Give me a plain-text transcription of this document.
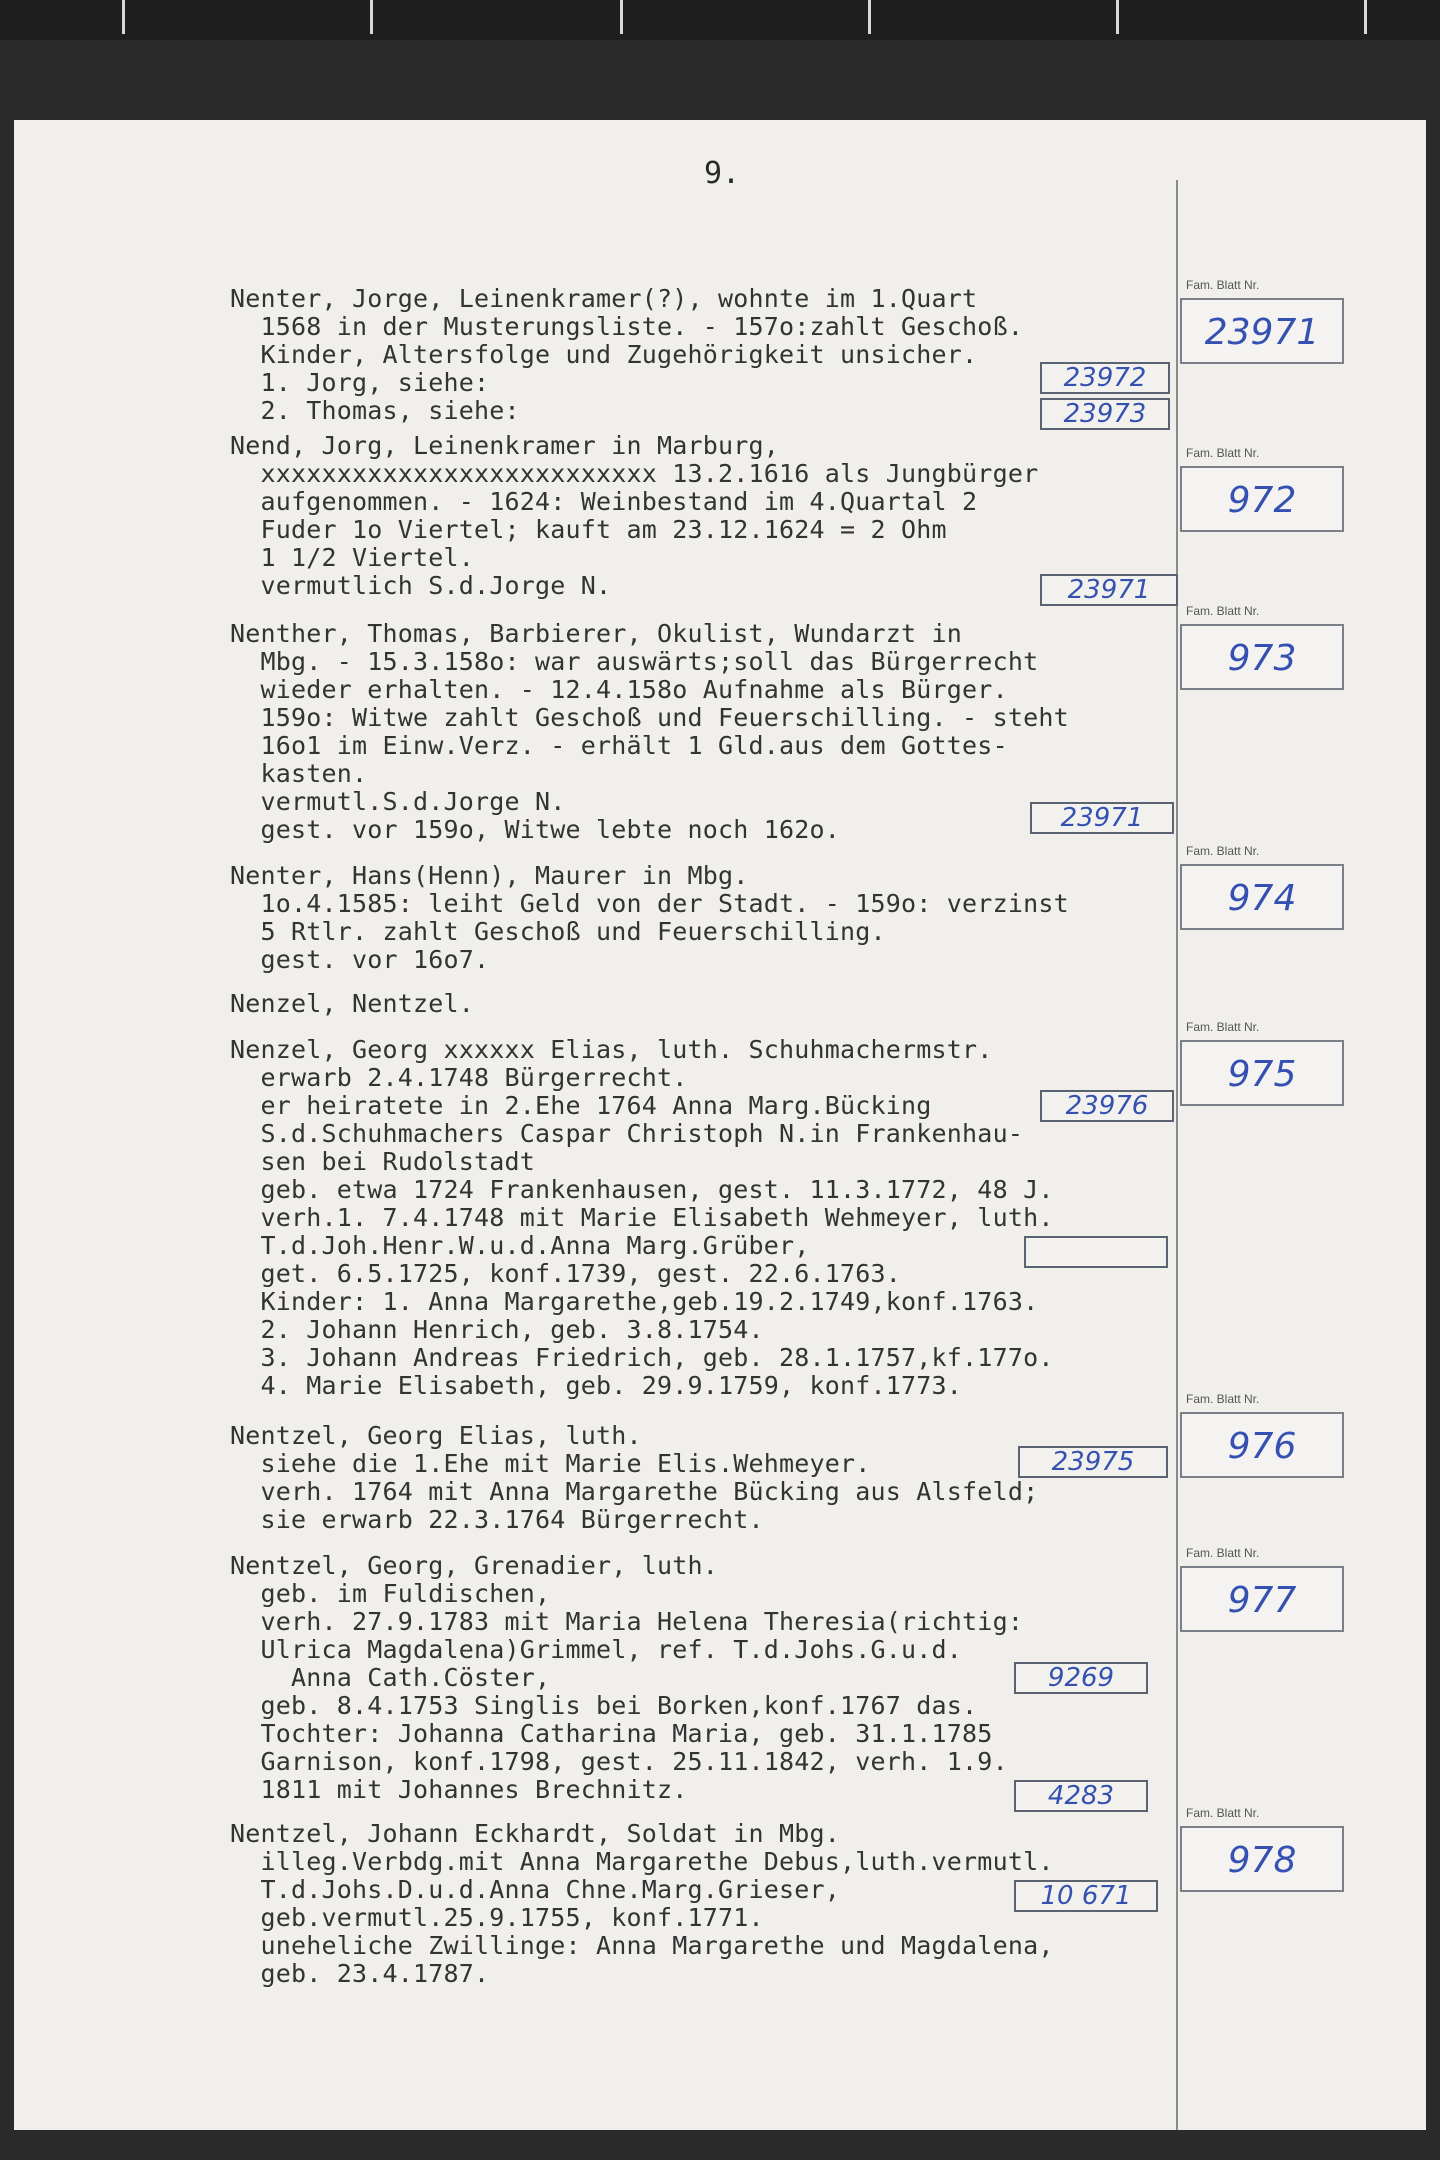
9.
Nenter, Jorge, Leinenkramer(?), wohnte im 1.Quart
1568 in der Musterungsliste. - 157o:zahlt Geschoß.
Kinder, Altersfolge und Zugehörigkeit unsicher.
1. Jorg, siehe:
2. Thomas, siehe:
Nend, Jorg, Leinenkramer in Marburg,
xxxxxxxxxxxxxxxxxxxxxxxxxx 13.2.1616 als Jungbürger
aufgenommen. - 1624: Weinbestand im 4.Quartal 2
Fuder 1o Viertel; kauft am 23.12.1624 = 2 Ohm
1 1/2 Viertel.
vermutlich S.d.Jorge N.
Nenther, Thomas, Barbierer, Okulist, Wundarzt in
Mbg. - 15.3.158o: war auswärts;soll das Bürgerrecht
wieder erhalten. - 12.4.158o Aufnahme als Bürger.
159o: Witwe zahlt Geschoß und Feuerschilling. - steht
16o1 im Einw.Verz. - erhält 1 Gld.aus dem Gottes-
kasten.
vermutl.S.d.Jorge N.
gest. vor 159o, Witwe lebte noch 162o.
Nenter, Hans(Henn), Maurer in Mbg.
1o.4.1585: leiht Geld von der Stadt. - 159o: verzinst
5 Rtlr. zahlt Geschoß und Feuerschilling.
gest. vor 16o7.
Nenzel, Nentzel.
Nenzel, Georg xxxxxx Elias, luth. Schuhmachermstr.
erwarb 2.4.1748 Bürgerrecht.
er heiratete in 2.Ehe 1764 Anna Marg.Bücking
S.d.Schuhmachers Caspar Christoph N.in Frankenhau-
sen bei Rudolstadt
geb. etwa 1724 Frankenhausen, gest. 11.3.1772, 48 J.
verh.1. 7.4.1748 mit Marie Elisabeth Wehmeyer, luth.
T.d.Joh.Henr.W.u.d.Anna Marg.Grüber,
get. 6.5.1725, konf.1739, gest. 22.6.1763.
Kinder: 1. Anna Margarethe,geb.19.2.1749,konf.1763.
2. Johann Henrich, geb. 3.8.1754.
3. Johann Andreas Friedrich, geb. 28.1.1757,kf.177o.
4. Marie Elisabeth, geb. 29.9.1759, konf.1773.
Nentzel, Georg Elias, luth.
siehe die 1.Ehe mit Marie Elis.Wehmeyer.
verh. 1764 mit Anna Margarethe Bücking aus Alsfeld;
sie erwarb 22.3.1764 Bürgerrecht.
Nentzel, Georg, Grenadier, luth.
geb. im Fuldischen,
verh. 27.9.1783 mit Maria Helena Theresia(richtig:
Ulrica Magdalena)Grimmel, ref. T.d.Johs.G.u.d.
Anna Cath.Cöster,
geb. 8.4.1753 Singlis bei Borken,konf.1767 das.
Tochter: Johanna Catharina Maria, geb. 31.1.1785
Garnison, konf.1798, gest. 25.11.1842, verh. 1.9.
1811 mit Johannes Brechnitz.
Nentzel, Johann Eckhardt, Soldat in Mbg.
illeg.Verbdg.mit Anna Margarethe Debus,luth.vermutl.
T.d.Johs.D.u.d.Anna Chne.Marg.Grieser,
geb.vermutl.25.9.1755, konf.1771.
uneheliche Zwillinge: Anna Margarethe und Magdalena,
geb. 23.4.1787.
23972
23973
23971
23971
23976
23975
9269
4283
10 671
Fam. Blatt Nr.
23971
Fam. Blatt Nr.
972
Fam. Blatt Nr.
973
Fam. Blatt Nr.
974
Fam. Blatt Nr.
975
Fam. Blatt Nr.
976
Fam. Blatt Nr.
977
Fam. Blatt Nr.
978
